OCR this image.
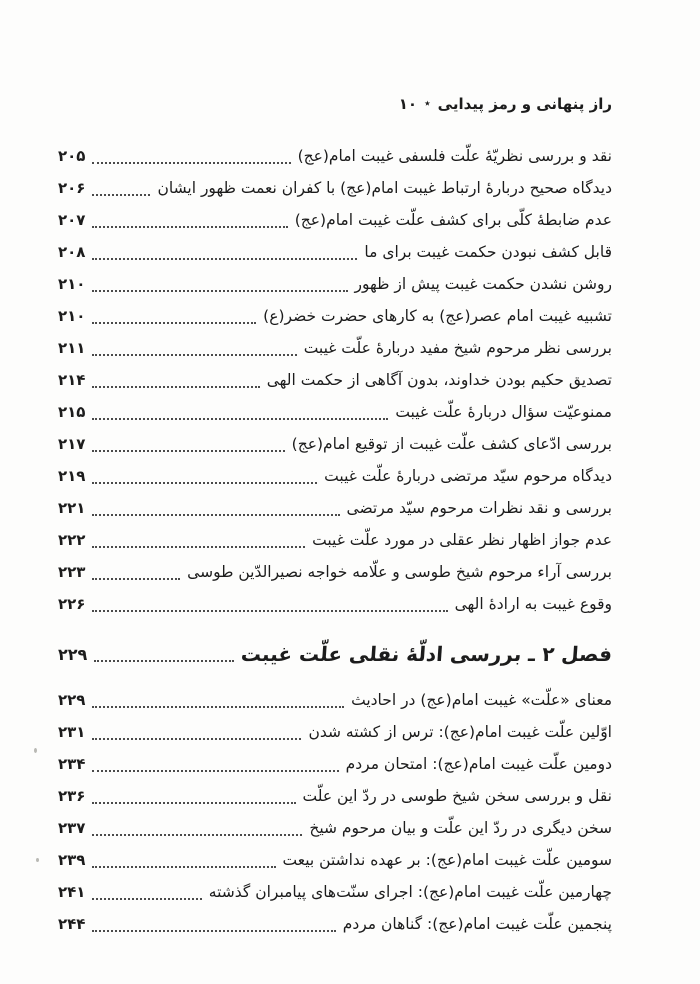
راز پنهانی و رمز پیدایی
٭
۱۰
نقد و بررسی نظریّۀ علّت فلسفی غیبت امام(عج)
۲۰۵
دیدگاه صحیح دربارۀ ارتباط غیبت امام(عج) با کفران نعمت ظهور ایشان
۲۰۶
عدم ضابطۀ کلّی برای کشف علّت غیبت امام(عج)
۲۰۷
قابل کشف نبودن حکمت غیبت برای ما
۲۰۸
روشن نشدن حکمت غیبت پیش از ظهور
۲۱۰
تشبیه غیبت امام عصر(عج) به کارهای حضرت خضر(ع)
۲۱۰
بررسی نظر مرحوم شیخ مفید دربارۀ علّت غیبت
۲۱۱
تصدیق حکیم بودن خداوند، بدون آگاهی از حکمت الهی
۲۱۴
ممنوعیّت سؤال دربارۀ علّت غیبت
۲۱۵
بررسی ادّعای کشف علّت غیبت از توقیع امام(عج)
۲۱۷
دیدگاه مرحوم سیّد مرتضی دربارۀ علّت غیبت
۲۱۹
بررسی و نقد نظرات مرحوم سیّد مرتضی
۲۲۱
عدم جواز اظهار نظر عقلی در مورد علّت غیبت
۲۲۲
بررسی آراء مرحوم شیخ طوسی و علّامه خواجه نصیرالدّین طوسی
۲۲۳
وقوع غیبت به ارادۀ الهی
۲۲۶
فصل ۲ ـ بررسی ادلّۀ نقلی علّت غیبت
۲۲۹
معنای «علّت» غیبت امام(عج) در احادیث
۲۲۹
اوّلین علّت غیبت امام(عج): ترس از کشته شدن
۲۳۱
دومین علّت غیبت امام(عج): امتحان مردم
۲۳۴
نقل و بررسی سخن شیخ طوسی در ردّ این علّت
۲۳۶
سخن دیگری در ردّ این علّت و بیان مرحوم شیخ
۲۳۷
سومین علّت غیبت امام(عج): بر عهده نداشتن بیعت
۲۳۹
چهارمین علّت غیبت امام(عج): اجرای سنّت‌های پیامبران گذشته
۲۴۱
پنجمین علّت غیبت امام(عج): گناهان مردم
۲۴۴
